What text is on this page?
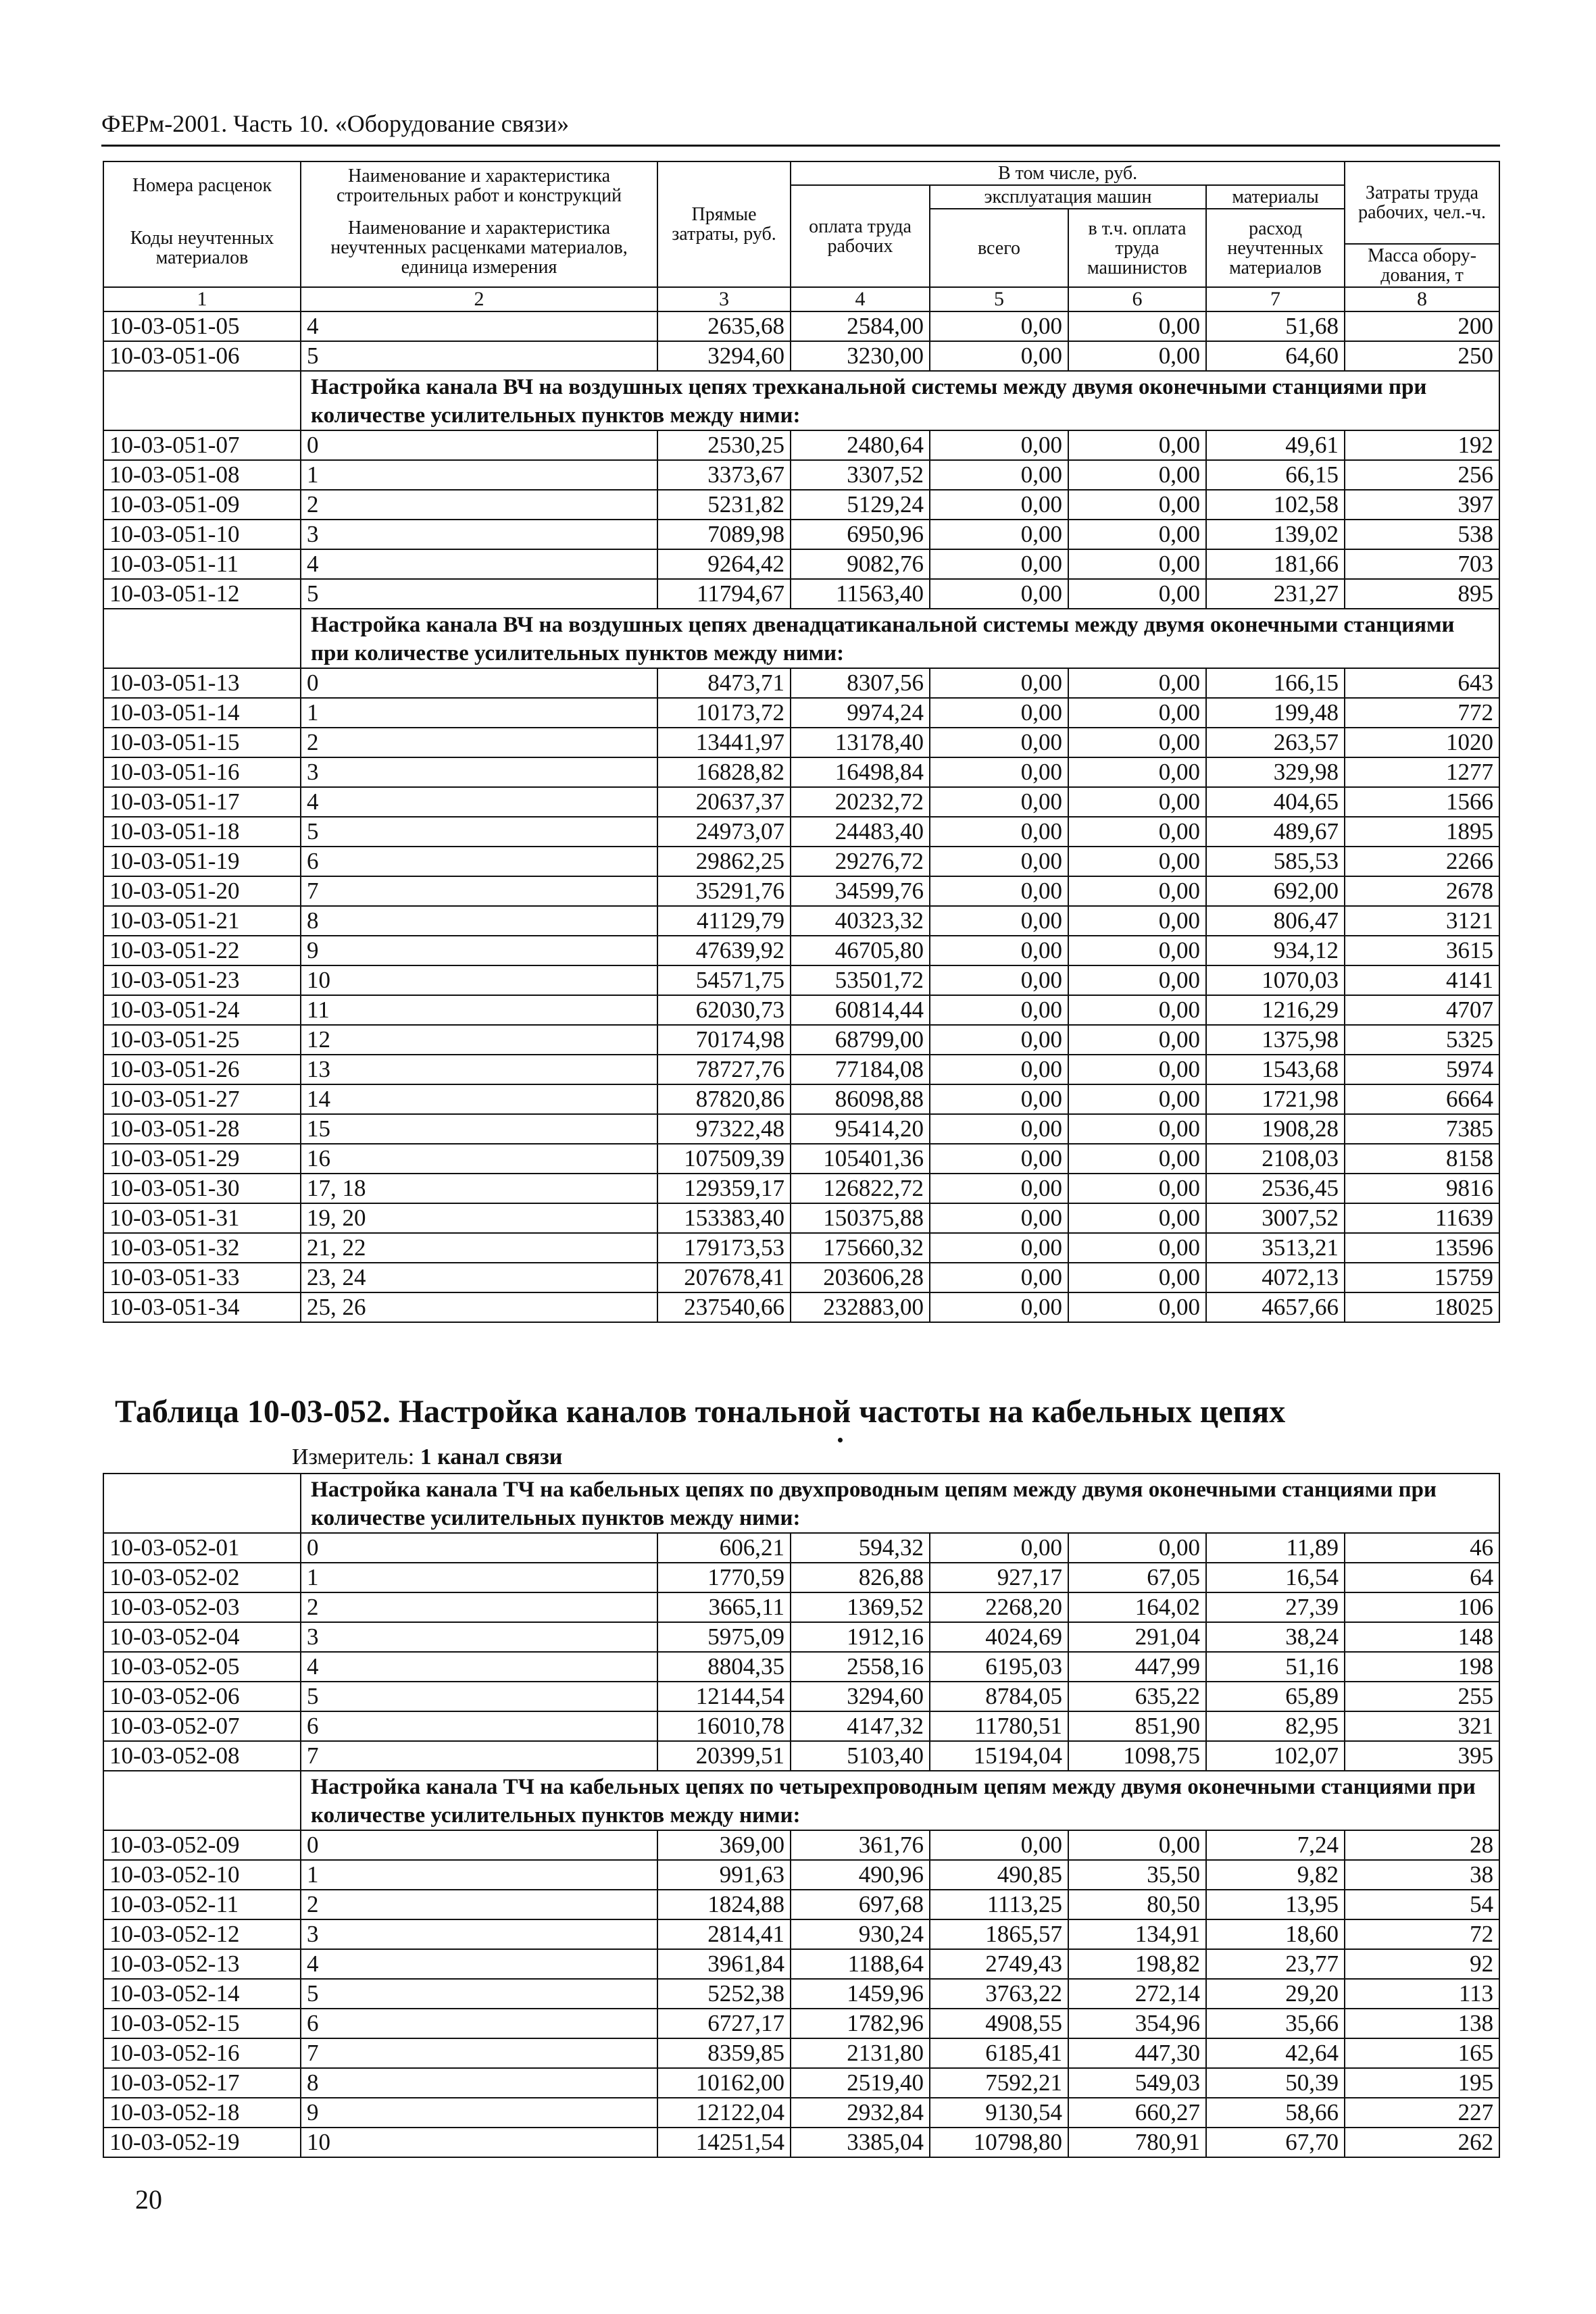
ФЕРм-2001. Часть 10. «Оборудование связи»
Номера расценок	Наименование и характеристика строительных работ и конструкций	Прямые затраты, руб.	В том числе, руб.				Затраты труда рабочих, чел.-ч.
			оплата труда рабочих	эксплуатация машин		материалы	
Коды неучтенных материалов	Наименование и характеристика неучтенных расценками материалов, единица измерения			всего	в т.ч. оплата труда машинистов	расход неучтенных материалов	
							Масса обору-дования, т
1	2	3	4	5	6	7	8
10-03-051-05	4	2635,68	2584,00	0,00	0,00	51,68	200
10-03-051-06	5	3294,60	3230,00	0,00	0,00	64,60	250
	Настройка канала ВЧ на воздушных цепях трехканальной системы между двумя оконечными станциями при количестве усилительных пунктов между ними:						
10-03-051-07	0	2530,25	2480,64	0,00	0,00	49,61	192
10-03-051-08	1	3373,67	3307,52	0,00	0,00	66,15	256
10-03-051-09	2	5231,82	5129,24	0,00	0,00	102,58	397
10-03-051-10	3	7089,98	6950,96	0,00	0,00	139,02	538
10-03-051-11	4	9264,42	9082,76	0,00	0,00	181,66	703
10-03-051-12	5	11794,67	11563,40	0,00	0,00	231,27	895
	Настройка канала ВЧ на воздушных цепях двенадцатиканальной системы между двумя оконечными станциями при количестве усилительных пунктов между ними:						
10-03-051-13	0	8473,71	8307,56	0,00	0,00	166,15	643
10-03-051-14	1	10173,72	9974,24	0,00	0,00	199,48	772
10-03-051-15	2	13441,97	13178,40	0,00	0,00	263,57	1020
10-03-051-16	3	16828,82	16498,84	0,00	0,00	329,98	1277
10-03-051-17	4	20637,37	20232,72	0,00	0,00	404,65	1566
10-03-051-18	5	24973,07	24483,40	0,00	0,00	489,67	1895
10-03-051-19	6	29862,25	29276,72	0,00	0,00	585,53	2266
10-03-051-20	7	35291,76	34599,76	0,00	0,00	692,00	2678
10-03-051-21	8	41129,79	40323,32	0,00	0,00	806,47	3121
10-03-051-22	9	47639,92	46705,80	0,00	0,00	934,12	3615
10-03-051-23	10	54571,75	53501,72	0,00	0,00	1070,03	4141
10-03-051-24	11	62030,73	60814,44	0,00	0,00	1216,29	4707
10-03-051-25	12	70174,98	68799,00	0,00	0,00	1375,98	5325
10-03-051-26	13	78727,76	77184,08	0,00	0,00	1543,68	5974
10-03-051-27	14	87820,86	86098,88	0,00	0,00	1721,98	6664
10-03-051-28	15	97322,48	95414,20	0,00	0,00	1908,28	7385
10-03-051-29	16	107509,39	105401,36	0,00	0,00	2108,03	8158
10-03-051-30	17, 18	129359,17	126822,72	0,00	0,00	2536,45	9816
10-03-051-31	19, 20	153383,40	150375,88	0,00	0,00	3007,52	11639
10-03-051-32	21, 22	179173,53	175660,32	0,00	0,00	3513,21	13596
10-03-051-33	23, 24	207678,41	203606,28	0,00	0,00	4072,13	15759
10-03-051-34	25, 26	237540,66	232883,00	0,00	0,00	4657,66	18025
Таблица 10-03-052. Настройка каналов тональной частоты на кабельных цепях
Измеритель: 1 канал связи
	Настройка канала ТЧ на кабельных цепях по двухпроводным цепям между двумя оконечными станциями при количестве усилительных пунктов между ними:						
10-03-052-01	0	606,21	594,32	0,00	0,00	11,89	46
10-03-052-02	1	1770,59	826,88	927,17	67,05	16,54	64
10-03-052-03	2	3665,11	1369,52	2268,20	164,02	27,39	106
10-03-052-04	3	5975,09	1912,16	4024,69	291,04	38,24	148
10-03-052-05	4	8804,35	2558,16	6195,03	447,99	51,16	198
10-03-052-06	5	12144,54	3294,60	8784,05	635,22	65,89	255
10-03-052-07	6	16010,78	4147,32	11780,51	851,90	82,95	321
10-03-052-08	7	20399,51	5103,40	15194,04	1098,75	102,07	395
	Настройка канала ТЧ на кабельных цепях по четырехпроводным цепям между двумя оконечными станциями при количестве усилительных пунктов между ними:						
10-03-052-09	0	369,00	361,76	0,00	0,00	7,24	28
10-03-052-10	1	991,63	490,96	490,85	35,50	9,82	38
10-03-052-11	2	1824,88	697,68	1113,25	80,50	13,95	54
10-03-052-12	3	2814,41	930,24	1865,57	134,91	18,60	72
10-03-052-13	4	3961,84	1188,64	2749,43	198,82	23,77	92
10-03-052-14	5	5252,38	1459,96	3763,22	272,14	29,20	113
10-03-052-15	6	6727,17	1782,96	4908,55	354,96	35,66	138
10-03-052-16	7	8359,85	2131,80	6185,41	447,30	42,64	165
10-03-052-17	8	10162,00	2519,40	7592,21	549,03	50,39	195
10-03-052-18	9	12122,04	2932,84	9130,54	660,27	58,66	227
10-03-052-19	10	14251,54	3385,04	10798,80	780,91	67,70	262
20
